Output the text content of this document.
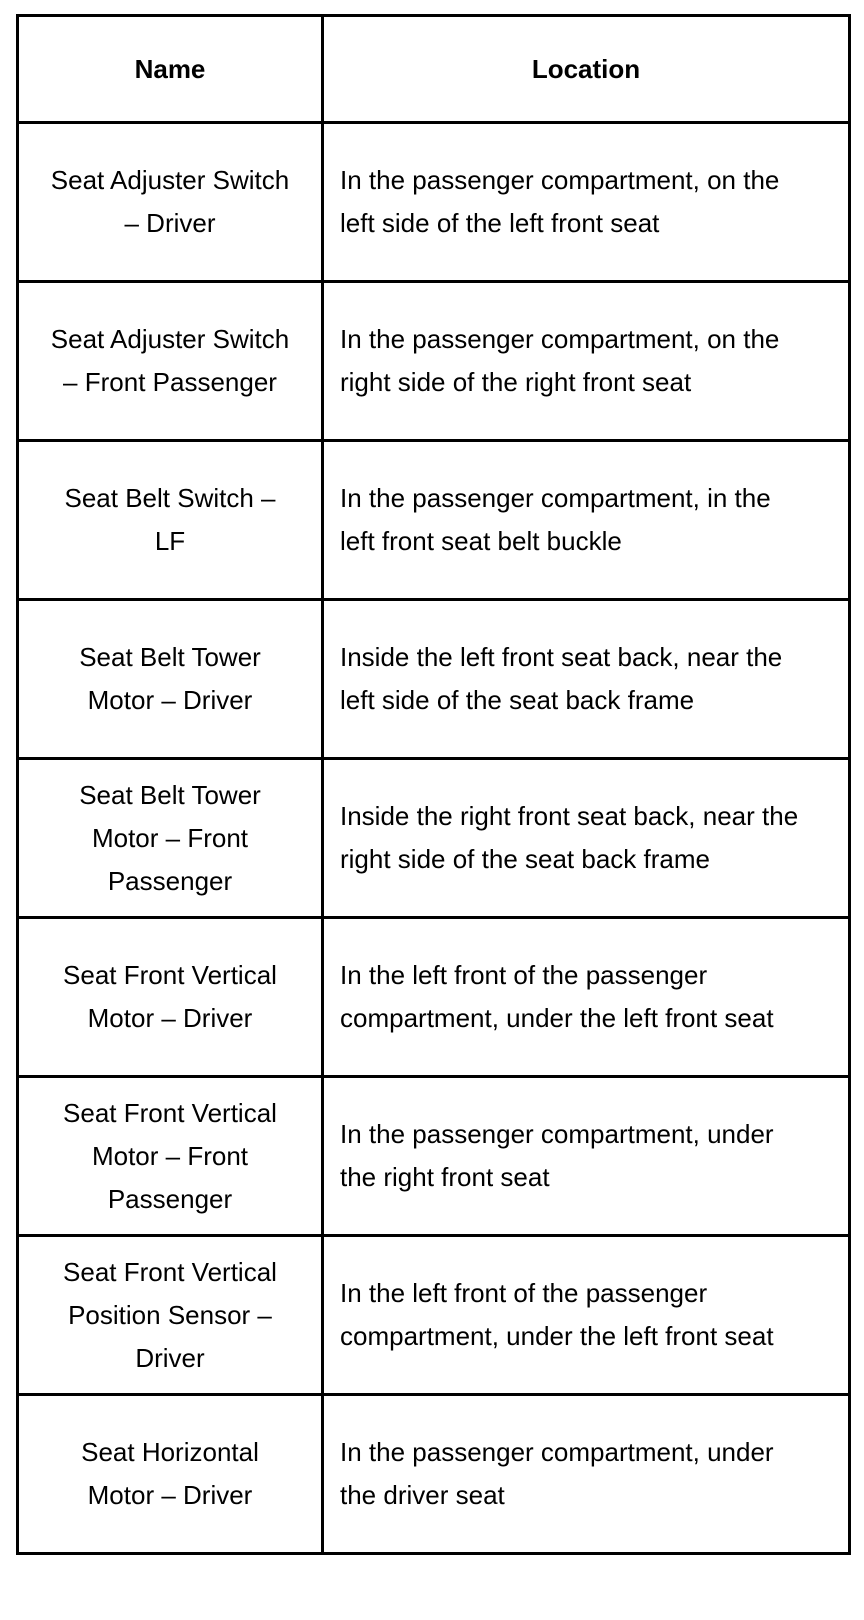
Name	Location
Seat Adjuster Switch – Driver	In the passenger compartment, on the left side of the left front seat
Seat Adjuster Switch – Front Passenger	In the passenger compartment, on the right side of the right front seat
Seat Belt Switch – LF	In the passenger compartment, in the left front seat belt buckle
Seat Belt Tower Motor – Driver	Inside the left front seat back, near the left side of the seat back frame
Seat Belt Tower Motor – Front Passenger	Inside the right front seat back, near the right side of the seat back frame
Seat Front Vertical Motor – Driver	In the left front of the passenger compartment, under the left front seat
Seat Front Vertical Motor – Front Passenger	In the passenger compartment, under the right front seat
Seat Front Vertical Position Sensor – Driver	In the left front of the passenger compartment, under the left front seat
Seat Horizontal Motor – Driver	In the passenger compartment, under the driver seat
